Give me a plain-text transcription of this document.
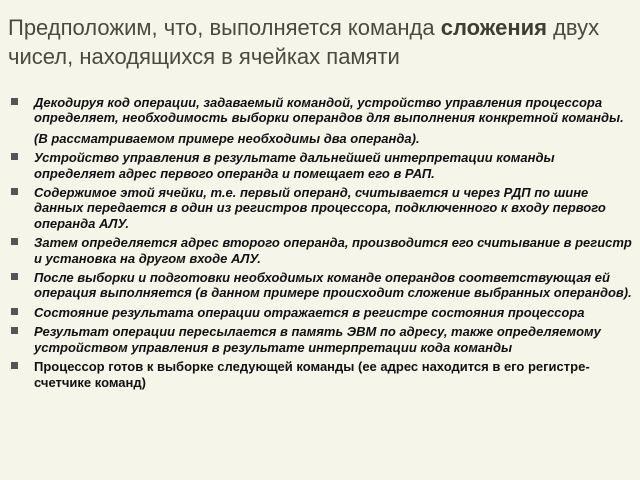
Предположим, что, выполняется команда сложения двух чисел, находящихся в ячейках памяти
Декодируя код операции, задаваемый командой, устройство управления процессора определяет, необходимость выборки операндов для выполнения конкретной команды.
(В рассматриваемом примере необходимы два операнда).
Устройство управления в результате дальнейшей интерпретации команды определяет адрес первого операнда и помещает его в РАП.
Содержимое этой ячейки, т.е. первый операнд, считывается и через РДП по шине данных передается в один из регистров процессора, подключенного к входу первого операнда АЛУ.
Затем определяется адрес второго операнда, производится его считывание в регистр и установка на другом входе АЛУ.
После выборки и подготовки необходимых команде операндов соответствующая ей операция выполняется (в данном примере происходит сложение выбранных операндов).
Состояние результата операции отражается в регистре состояния процессора
Результат операции пересылается в память ЭВМ по адресу, также определяемому устройством управления в результате интерпретации кода команды
Процессор готов к выборке следующей команды (ее адрес находится в его регистре-счетчике команд)
